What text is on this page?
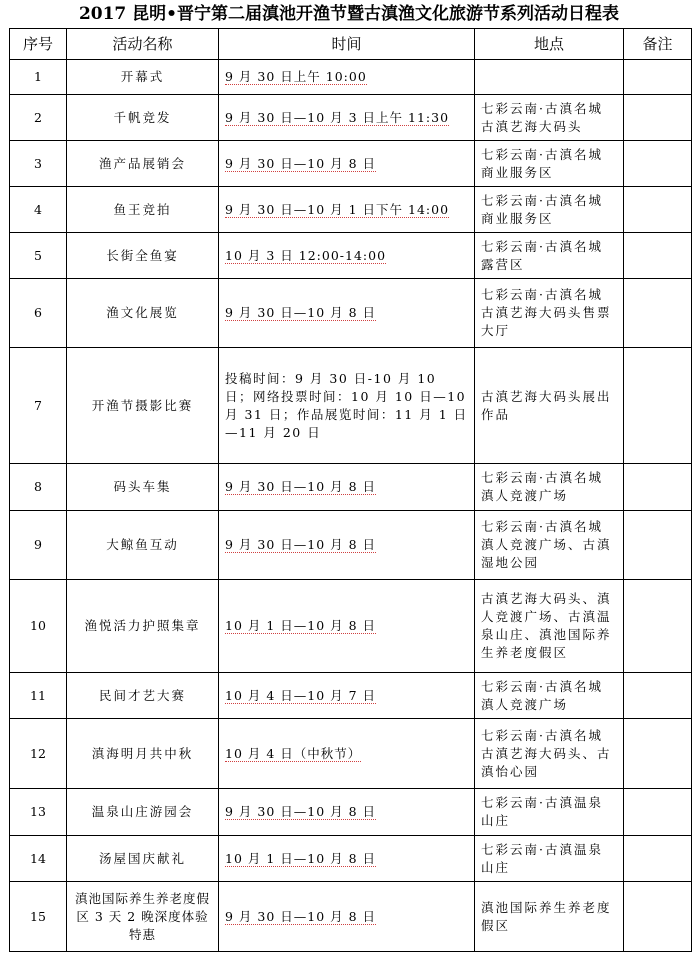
2017 昆明•晋宁第二届滇池开渔节暨古滇渔文化旅游节系列活动日程表
序号	活动名称	时间	地点	备注
1	开幕式	9 月 30 日上午 10:00		
2	千帆竞发	9 月 30 日—10 月 3 日上午 11:30	七彩云南·古滇名城古滇艺海大码头	
3	渔产品展销会	9 月 30 日—10 月 8 日	七彩云南·古滇名城商业服务区	
4	鱼王竞拍	9 月 30 日—10 月 1 日下午 14:00	七彩云南·古滇名城商业服务区	
5	长街全鱼宴	10 月 3 日 12:00-14:00	七彩云南·古滇名城露营区	
6	渔文化展览	9 月 30 日—10 月 8 日	七彩云南·古滇名城古滇艺海大码头售票大厅	
7	开渔节摄影比赛	投稿时间：9 月 30 日-10 月 10 日；网络投票时间：10 月 10 日—10 月 31 日；作品展览时间：11 月 1 日—11 月 20 日	古滇艺海大码头展出作品	
8	码头车集	9 月 30 日—10 月 8 日	七彩云南·古滇名城滇人竞渡广场	
9	大鲸鱼互动	9 月 30 日—10 月 8 日	七彩云南·古滇名城滇人竞渡广场、古滇湿地公园	
10	渔悦活力护照集章	10 月 1 日—10 月 8 日	古滇艺海大码头、滇人竞渡广场、古滇温泉山庄、滇池国际养生养老度假区	
11	民间才艺大赛	10 月 4 日—10 月 7 日	七彩云南·古滇名城滇人竞渡广场	
12	滇海明月共中秋	10 月 4 日（中秋节）	七彩云南·古滇名城古滇艺海大码头、古滇怡心园	
13	温泉山庄游园会	9 月 30 日—10 月 8 日	七彩云南·古滇温泉山庄	
14	汤屋国庆献礼	10 月 1 日—10 月 8 日	七彩云南·古滇温泉山庄	
15	滇池国际养生养老度假区 3 天 2 晚深度体验特惠	9 月 30 日—10 月 8 日	滇池国际养生养老度假区	
